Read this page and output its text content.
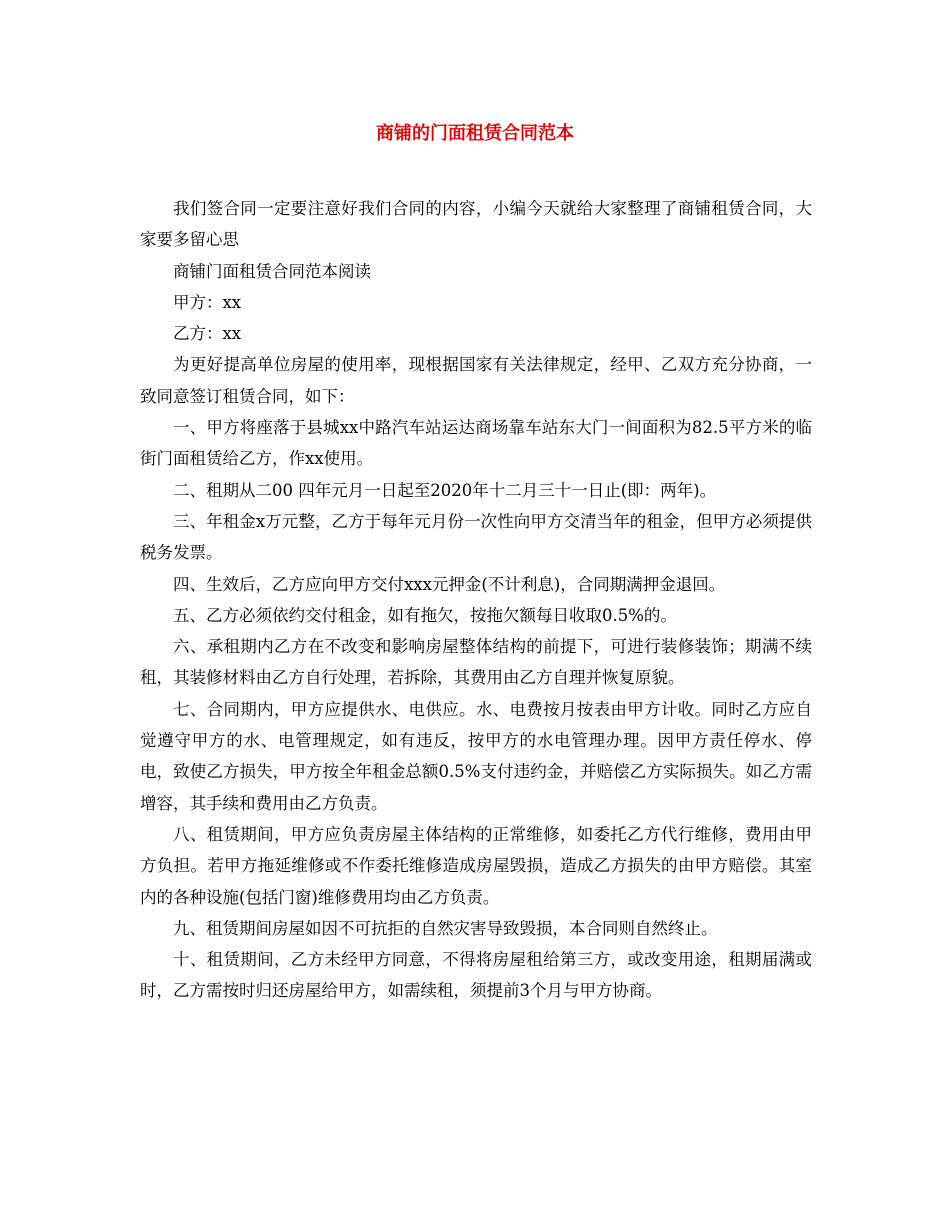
商铺的门面租赁合同范本

我们签合同一定要注意好我们合同的内容，小编今天就给大家整理了商铺租赁合同，大家要多留心思

商铺门面租赁合同范本阅读

甲方：xx

乙方：xx

为更好提高单位房屋的使用率，现根据国家有关法律规定，经甲、乙双方充分协商，一致同意签订租赁合同，如下：

一、甲方将座落于县城xx中路汽车站运达商场靠车站东大门一间面积为82.5平方米的临街门面租赁给乙方，作xx使用。

二、租期从二00 四年元月一日起至2020年十二月三十一日止(即：两年)。

三、年租金x万元整，乙方于每年元月份一次性向甲方交清当年的租金，但甲方必须提供税务发票。

四、生效后，乙方应向甲方交付xxx元押金(不计利息)，合同期满押金退回。

五、乙方必须依约交付租金，如有拖欠，按拖欠额每日收取0.5%的。

六、承租期内乙方在不改变和影响房屋整体结构的前提下，可进行装修装饰；期满不续租，其装修材料由乙方自行处理，若拆除，其费用由乙方自理并恢复原貌。

七、合同期内，甲方应提供水、电供应。水、电费按月按表由甲方计收。同时乙方应自觉遵守甲方的水、电管理规定，如有违反，按甲方的水电管理办理。因甲方责任停水、停电，致使乙方损失，甲方按全年租金总额0.5%支付违约金，并赔偿乙方实际损失。如乙方需增容，其手续和费用由乙方负责。

八、租赁期间，甲方应负责房屋主体结构的正常维修，如委托乙方代行维修，费用由甲方负担。若甲方拖延维修或不作委托维修造成房屋毁损，造成乙方损失的由甲方赔偿。其室内的各种设施(包括门窗)维修费用均由乙方负责。

九、租赁期间房屋如因不可抗拒的自然灾害导致毁损，本合同则自然终止。

十、租赁期间，乙方未经甲方同意，不得将房屋租给第三方，或改变用途，租期届满或时，乙方需按时归还房屋给甲方，如需续租，须提前3个月与甲方协商。
